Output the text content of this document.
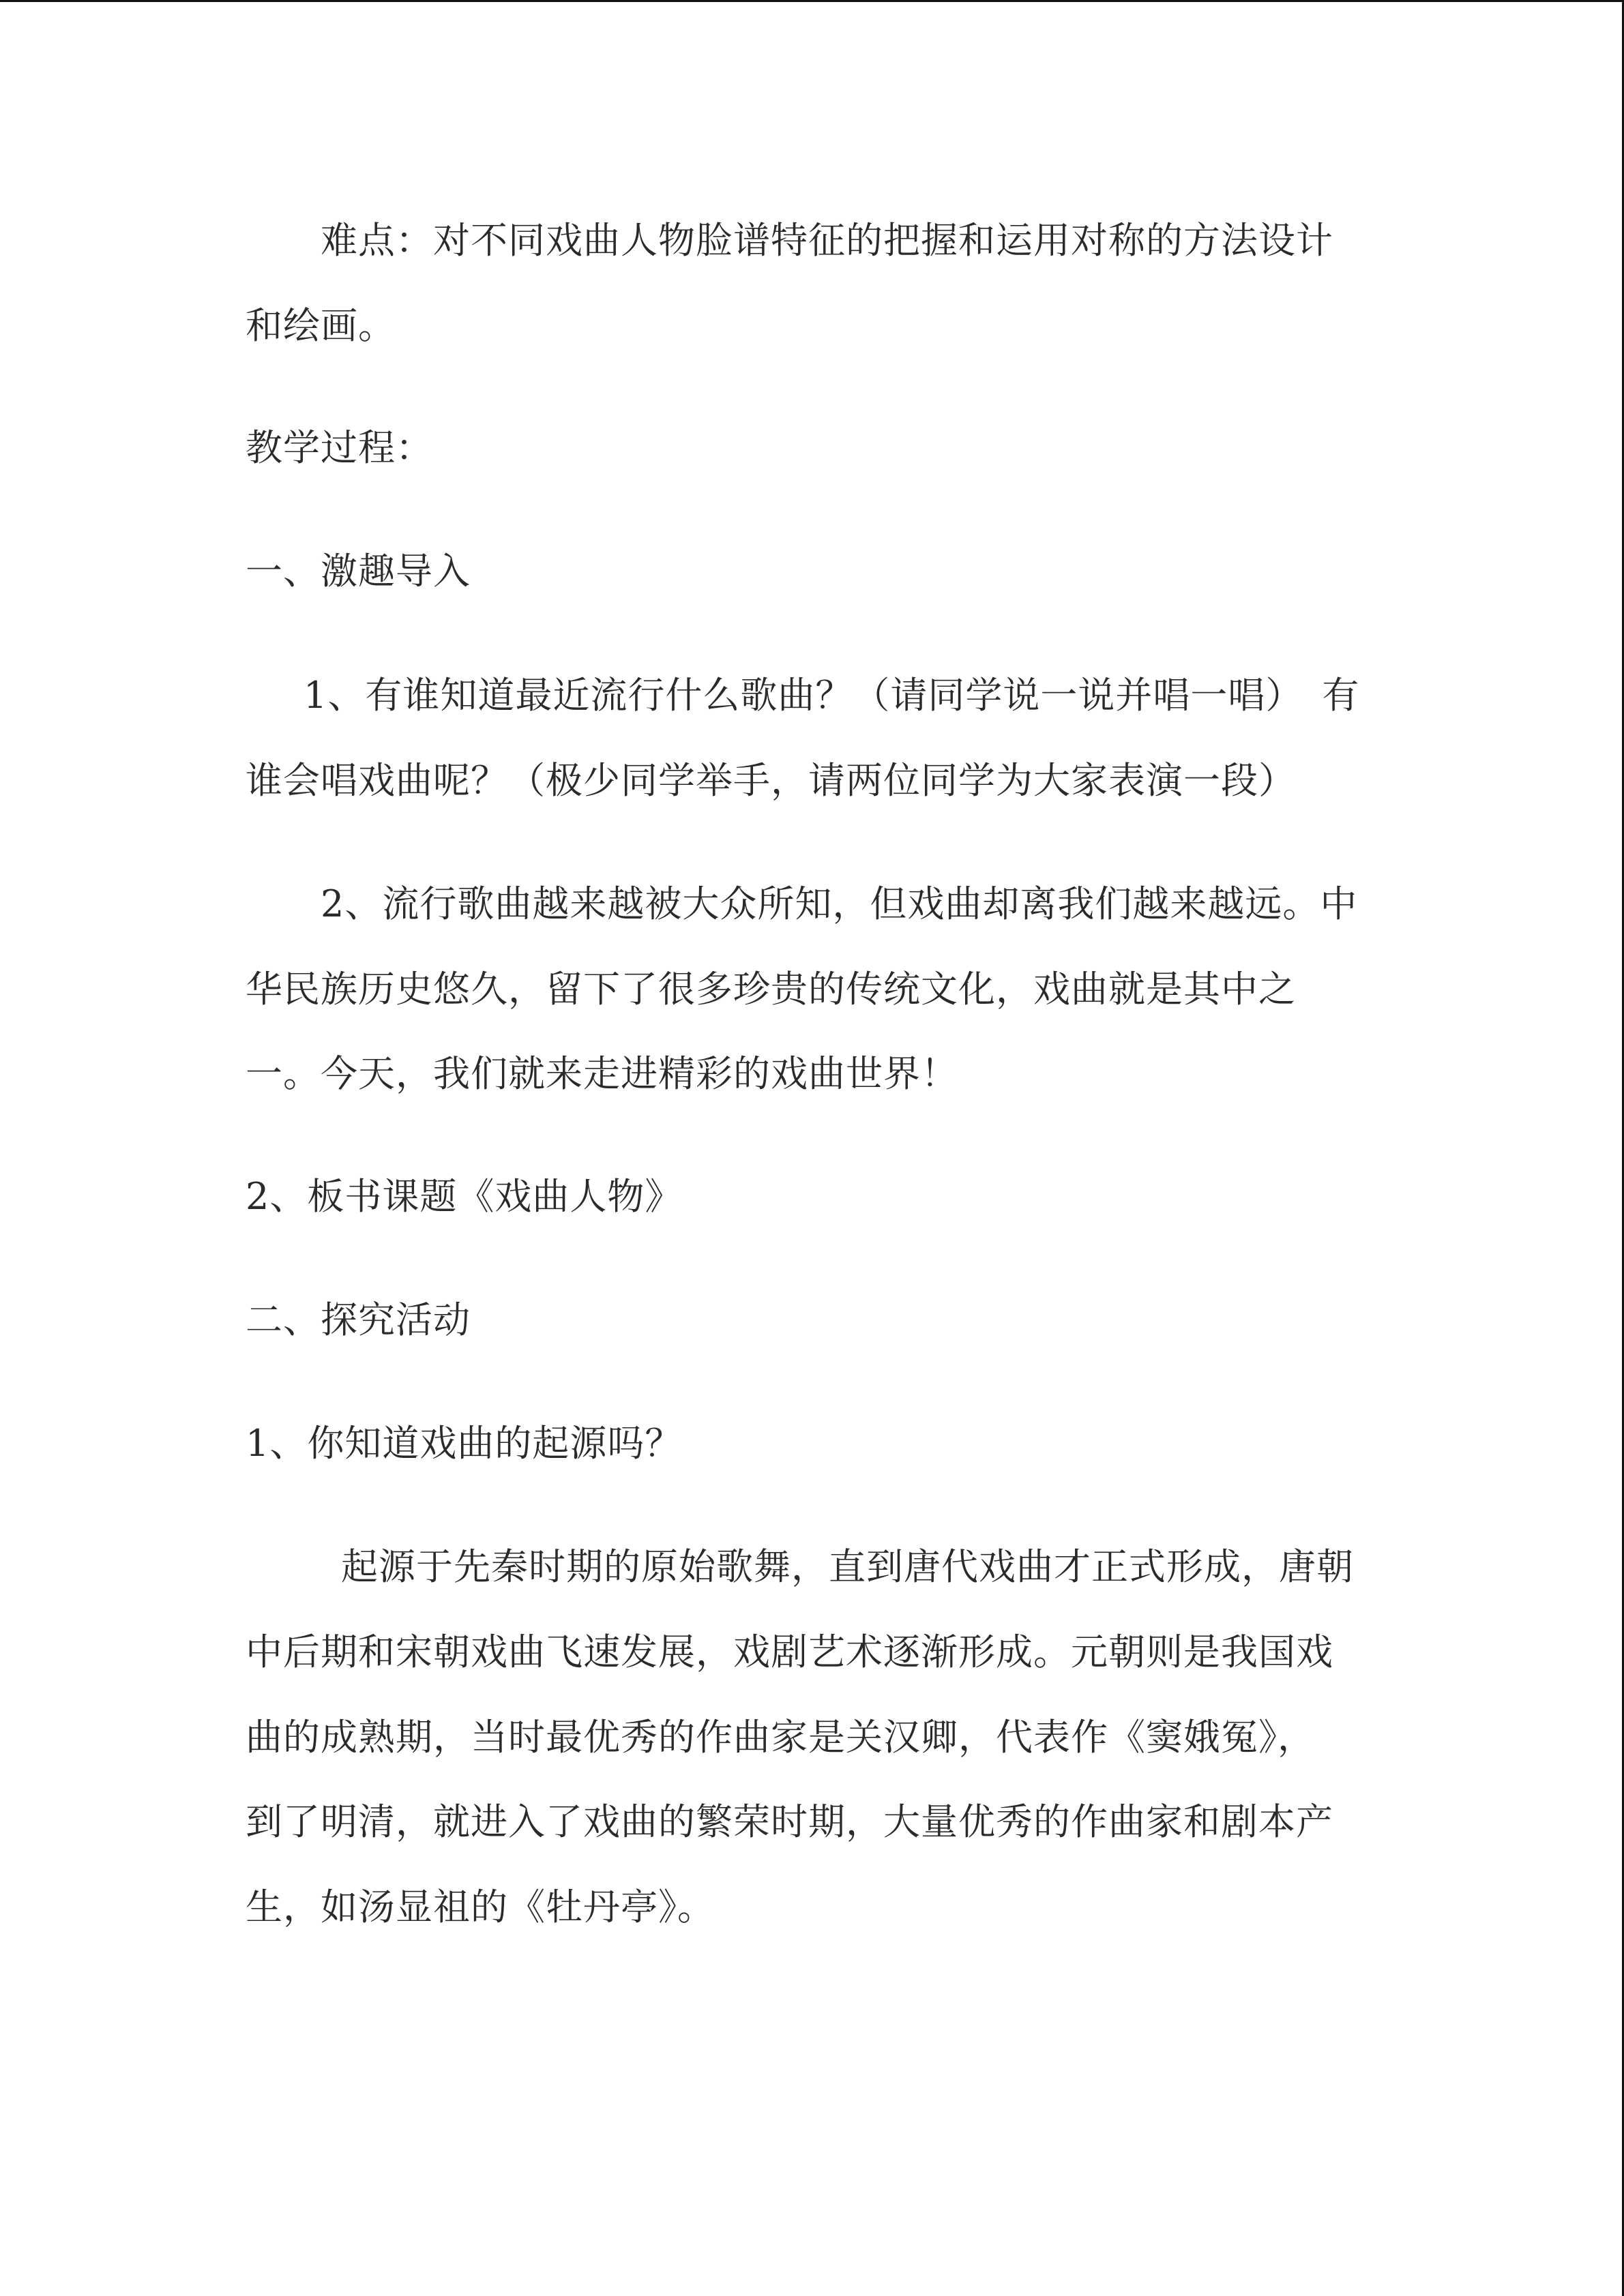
难点：对不同戏曲人物脸谱特征的把握和运用对称的方法设计
和绘画。
教学过程：
一、激趣导入
1、有谁知道最近流行什么歌曲？（请同学说一说并唱一唱）　有
谁会唱戏曲呢？（极少同学举手，请两位同学为大家表演一段）
2、流行歌曲越来越被大众所知，但戏曲却离我们越来越远。中
华民族历史悠久，留下了很多珍贵的传统文化，戏曲就是其中之
一。今天，我们就来走进精彩的戏曲世界！
2、板书课题《戏曲人物》
二、探究活动
1、你知道戏曲的起源吗？
起源于先秦时期的原始歌舞，直到唐代戏曲才正式形成，唐朝
中后期和宋朝戏曲飞速发展，戏剧艺术逐渐形成。元朝则是我国戏
曲的成熟期，当时最优秀的作曲家是关汉卿，代表作《窦娥冤》，
到了明清，就进入了戏曲的繁荣时期，大量优秀的作曲家和剧本产
生，如汤显祖的《牡丹亭》。
